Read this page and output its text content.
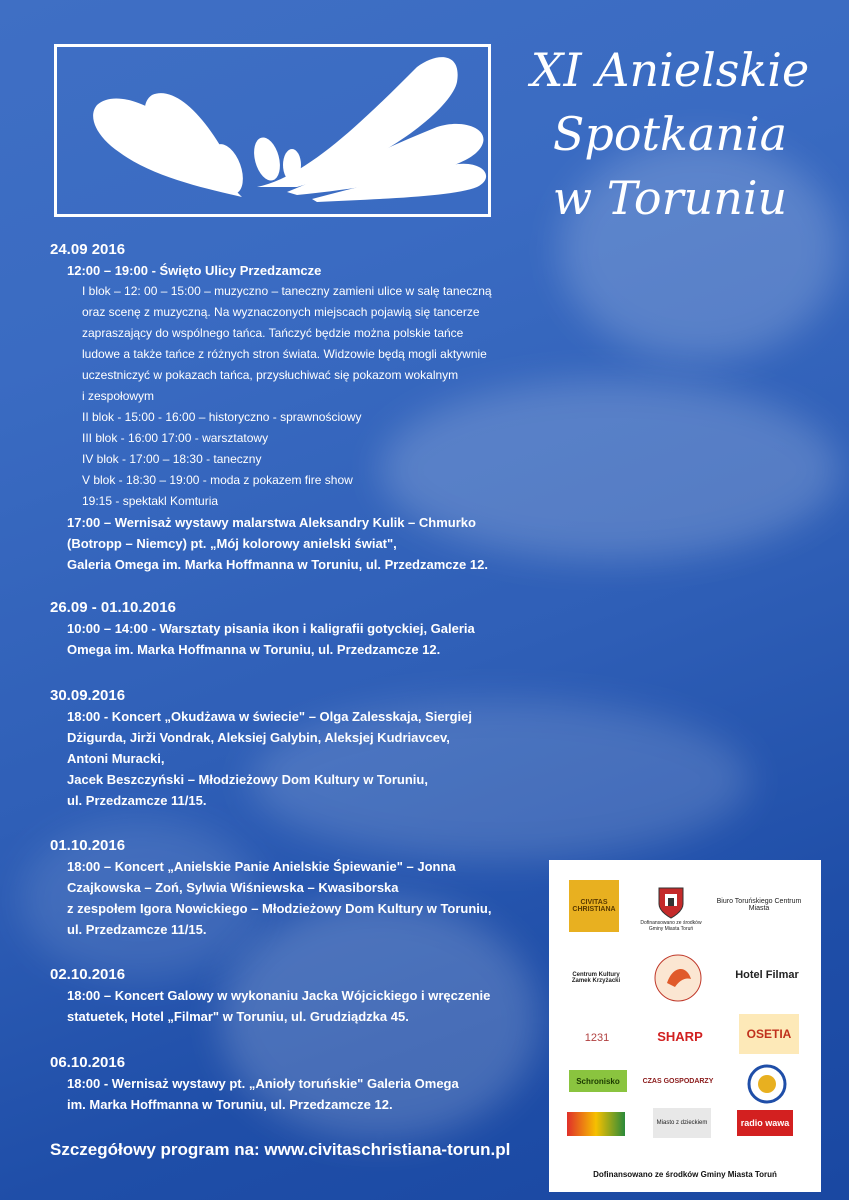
XI Anielskie
Spotkania
w Toruniu
24.09 2016
12:00 – 19:00 - Święto Ulicy Przedzamcze
I blok – 12: 00 – 15:00 – muzyczno – taneczny zamieni ulice w salę taneczną
oraz scenę z muzyczną. Na wyznaczonych miejscach pojawią się tancerze
zapraszający do wspólnego tańca. Tańczyć będzie można polskie tańce
ludowe a także tańce z różnych stron świata. Widzowie będą mogli aktywnie
uczestniczyć w pokazach tańca, przysłuchiwać się pokazom wokalnym
i zespołowym
II blok - 15:00 - 16:00 – historyczno - sprawnościowy
III blok - 16:00 17:00 - warsztatowy
IV blok - 17:00 – 18:30 - taneczny
V blok - 18:30 – 19:00 - moda z pokazem fire show
19:15 - spektakl Komturia
17:00 – Wernisaż wystawy malarstwa Aleksandry Kulik – Chmurko
(Botropp – Niemcy) pt. „Mój kolorowy anielski świat",
Galeria Omega im. Marka Hoffmanna w Toruniu, ul. Przedzamcze 12.
26.09 - 01.10.2016
10:00 – 14:00 - Warsztaty pisania ikon i kaligrafii gotyckiej, Galeria
Omega im. Marka Hoffmanna w Toruniu, ul. Przedzamcze 12.
30.09.2016
18:00 - Koncert „Okudżawa w świecie" – Olga Zalesskaja, Siergiej
Dżigurda, Jirži Vondrak, Aleksiej Galybin, Aleksjej Kudriavcev,
Antoni Muracki,
Jacek Beszczyński – Młodzieżowy Dom Kultury w Toruniu,
ul. Przedzamcze 11/15.
01.10.2016
18:00 – Koncert „Anielskie Panie Anielskie Śpiewanie" – Jonna
Czajkowska – Zoń, Sylwia Wiśniewska – Kwasiborska
z zespołem Igora Nowickiego – Młodzieżowy Dom Kultury w Toruniu,
ul. Przedzamcze 11/15.
02.10.2016
18:00 – Koncert Galowy w wykonaniu Jacka Wójcickiego i wręczenie
statuetek, Hotel „Filmar" w Toruniu, ul. Grudziądzka 45.
06.10.2016
18:00 - Wernisaż wystawy pt. „Anioły toruńskie" Galeria Omega
im. Marka Hoffmanna w Toruniu, ul. Przedzamcze 12.
Szczegółowy program na: www.civitaschristiana-torun.pl
CIVITAS CHRISTIANA
Dofinansowano ze środków Gminy Miasta Toruń
Biuro Toruńskiego Centrum Miasta
Centrum Kultury Zamek Krzyżacki	Hotel Filmar
1231	SHARP	OSETIA
Schronisko	CZAS GOSPODARZY
Miasto z dzieckiem	radio wawa
Dofinansowano ze środków Gminy Miasta Toruń
